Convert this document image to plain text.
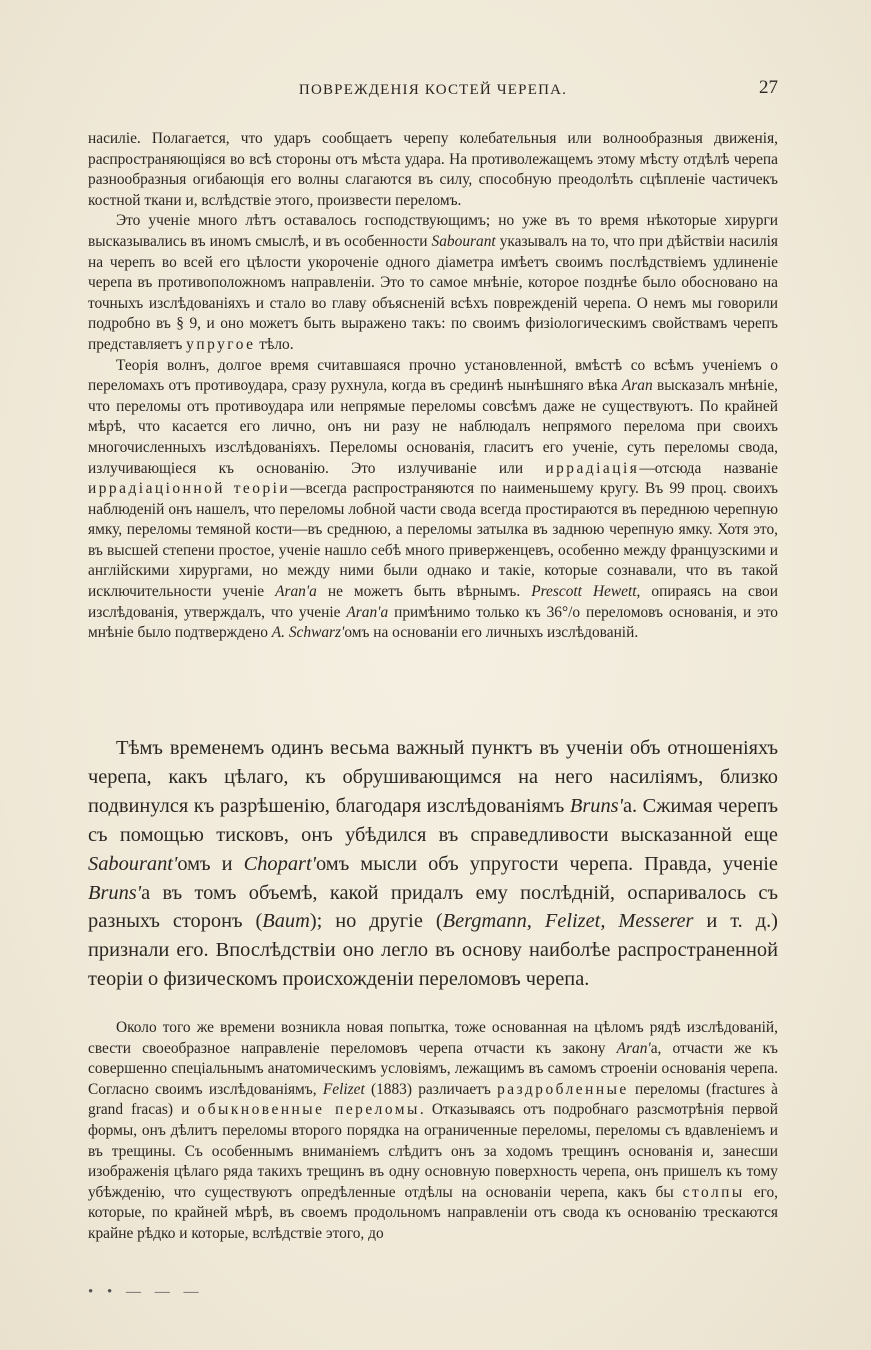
ПОВРЕЖДЕНІЯ КОСТЕЙ ЧЕРЕПА.	27

насиліе. Полагается, что ударъ сообщаетъ черепу колебательныя или волнообразныя движенія, распространяющіяся во всѣ стороны отъ мѣста удара. На противолежащемъ этому мѣсту отдѣлѣ черепа разнообразныя огибающія его волны слагаются въ силу, способную преодолѣть сцѣпленіе частичекъ костной ткани и, вслѣдствіе этого, произвести переломъ.

Это ученіе много лѣтъ оставалось господствующимъ; но уже въ то время нѣкоторые хирурги высказывались въ иномъ смыслѣ, и въ особенности Sabourant указывалъ на то, что при дѣйствіи насилія на черепъ во всей его цѣлости укороченіе одного діаметра имѣетъ своимъ послѣдствіемъ удлиненіе черепа въ противоположномъ направленіи. Это то самое мнѣніе, которое позднѣе было обосновано на точныхъ изслѣдованіяхъ и стало во главу объясненій всѣхъ поврежденій черепа. О немъ мы говорили подробно въ § 9, и оно можетъ быть выражено такъ: по своимъ физіологическимъ свойствамъ черепъ представляетъ упругое тѣло.

Теорія волнъ, долгое время считавшаяся прочно установленной, вмѣстѣ со всѣмъ ученіемъ о переломахъ отъ противоудара, сразу рухнула, когда въ срединѣ нынѣшняго вѣка Aran высказалъ мнѣніе, что переломы отъ противоудара или непрямые переломы совсѣмъ даже не существуютъ. По крайней мѣрѣ, что касается его лично, онъ ни разу не наблюдалъ непрямого перелома при своихъ многочисленныхъ изслѣдованіяхъ. Переломы основанія, гласитъ его ученіе, суть переломы свода, излучивающіеся къ основанію. Это излучиваніе или иррадіація—отсюда названіе иррадіаціонной теоріи—всегда распространяются по наименьшему кругу. Въ 99 проц. своихъ наблюденій онъ нашелъ, что переломы лобной части свода всегда простираются въ переднюю черепную ямку, переломы темяной кости—въ среднюю, а переломы затылка въ заднюю черепную ямку. Хотя это, въ высшей степени простое, ученіе нашло себѣ много приверженцевъ, особенно между французскими и англійскими хирургами, но между ними были однако и такіе, которые сознавали, что въ такой исключительности ученіе Aran'a не можетъ быть вѣрнымъ. Prescott Hewett, опираясь на свои изслѣдованія, утверждалъ, что ученіе Aran'a примѣнимо только къ 36°/о переломовъ основанія, и это мнѣніе было подтверждено A. Schwarz'омъ на основаніи его личныхъ изслѣдованій.

Тѣмъ временемъ одинъ весьма важный пунктъ въ ученіи объ отношеніяхъ черепа, какъ цѣлаго, къ обрушивающимся на него насиліямъ, близко подвинулся къ разрѣшенію, благодаря изслѣдованіямъ Bruns'а. Сжимая черепъ съ помощью тисковъ, онъ убѣдился въ справедливости высказанной еще Sabourant'омъ и Chopart'омъ мысли объ упругости черепа. Правда, ученіе Bruns'а въ томъ объемѣ, какой придалъ ему послѣдній, оспаривалось съ разныхъ сторонъ (Baum); но другіе (Bergmann, Felizet, Messerer и т. д.) признали его. Впослѣдствіи оно легло въ основу наиболѣе распространенной теоріи о физическомъ происхожденіи переломовъ черепа.

Около того же времени возникла новая попытка, тоже основанная на цѣломъ рядѣ изслѣдованій, свести своеобразное направленіе переломовъ черепа отчасти къ закону Aran'а, отчасти же къ совершенно спеціальнымъ анатомическимъ условіямъ, лежащимъ въ самомъ строеніи основанія черепа. Согласно своимъ изслѣдованіямъ, Felizet (1883) различаетъ раздробленные переломы (fractures à grand fracas) и обыкновенные переломы. Отказываясь отъ подробнаго разсмотрѣнія первой формы, онъ дѣлитъ переломы второго порядка на ограниченные переломы, переломы съ вдавленіемъ и въ трещины. Съ особеннымъ вниманіемъ слѣдитъ онъ за ходомъ трещинъ основанія и, занесши изображенія цѣлаго ряда такихъ трещинъ въ одну основную поверхность черепа, онъ пришелъ къ тому убѣжденію, что существуютъ опредѣленные отдѣлы на основаніи черепа, какъ бы столпы его, которые, по крайней мѣрѣ, въ своемъ продольномъ направленіи отъ свода къ основанію трескаются крайне рѣдко и которые, вслѣдствіе этого, до

• • — — —
